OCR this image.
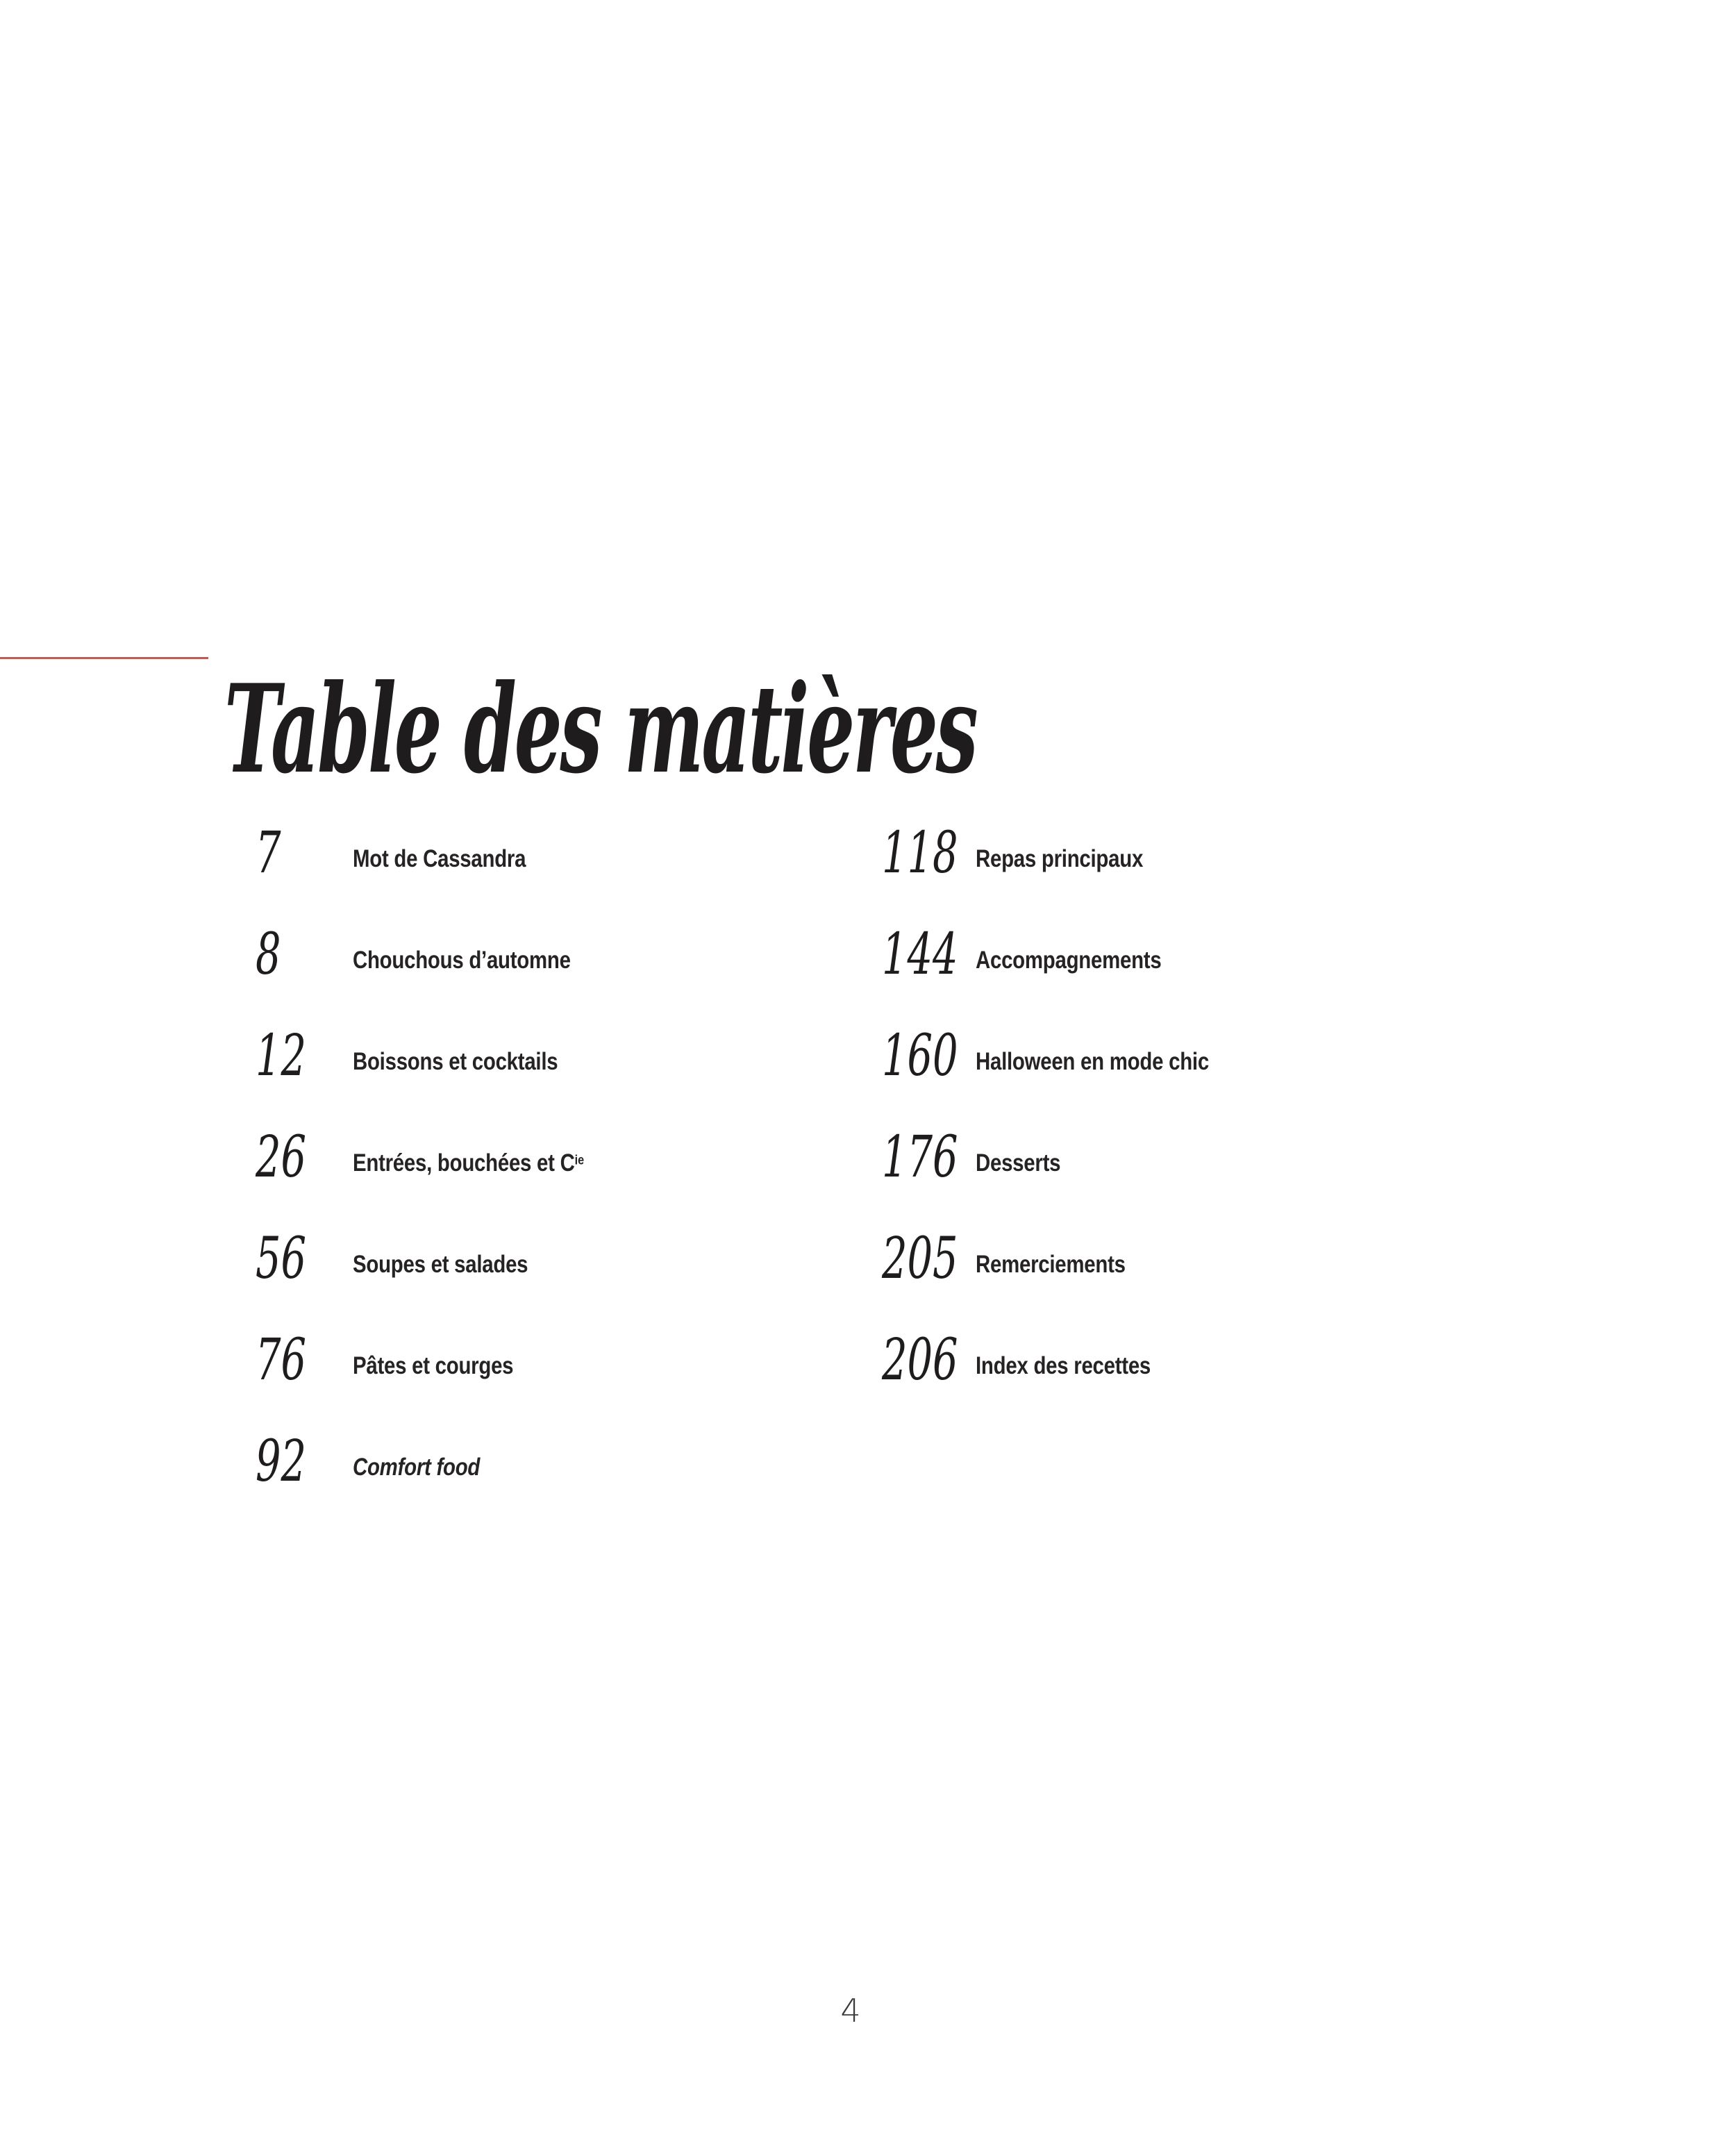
Table des matières
7	Mot de Cassandra
8	Chouchous d’automne
12	Boissons et cocktails
26	Entrées, bouchées et $C^{ie}$
56	Soupes et salades
76	Pâtes et courges
92	Comfort food
118 Repas principaux
144 Accompagnements
160 Halloween en mode chic
176 Desserts
205 Remerciements
206 Index des recettes
4
